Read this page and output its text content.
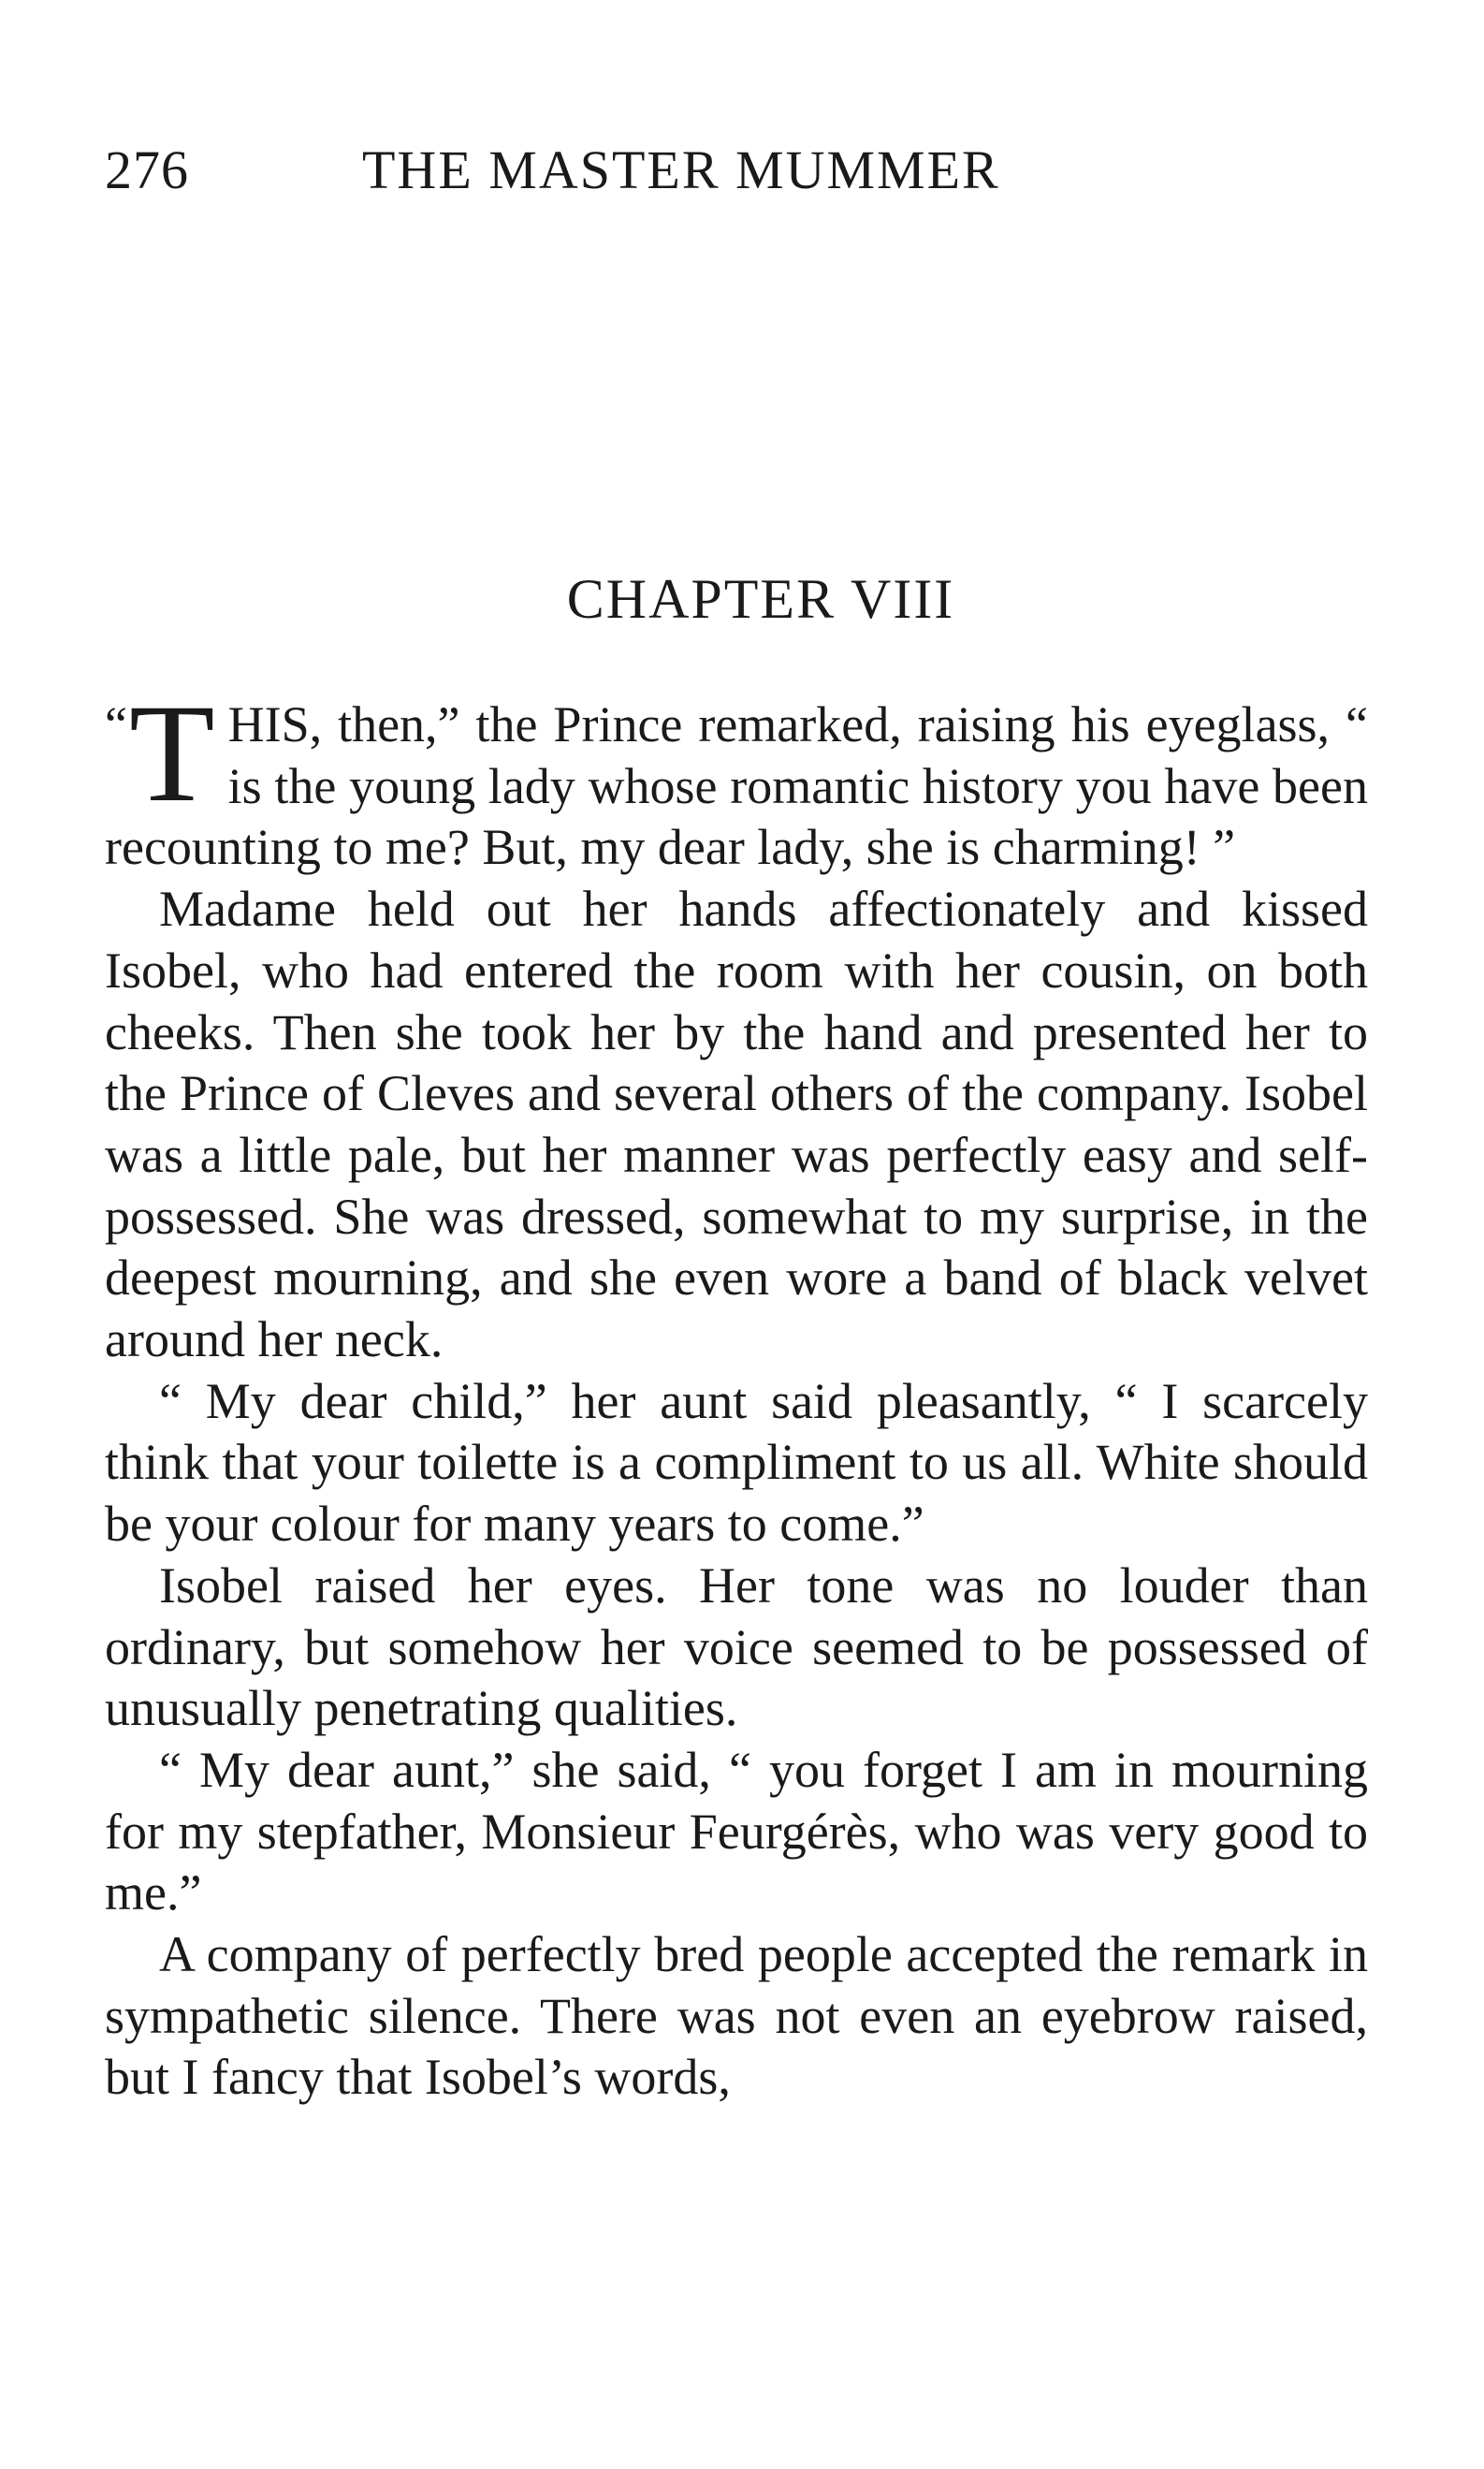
276	THE MASTER MUMMER
CHAPTER VIII

“ T HIS, then,” the Prince remarked, raising his eyeglass, “ is the young lady whose romantic history you have been recounting to me? But, my dear lady, she is charming! ”

Madame held out her hands affectionately and kissed Isobel, who had entered the room with her cousin, on both cheeks. Then she took her by the hand and presented her to the Prince of Cleves and several others of the company. Isobel was a little pale, but her manner was perfectly easy and self-possessed. She was dressed, somewhat to my surprise, in the deepest mourning, and she even wore a band of black velvet around her neck.

“ My dear child,” her aunt said pleasantly, “ I scarcely think that your toilette is a compliment to us all. White should be your colour for many years to come.”

Isobel raised her eyes. Her tone was no louder than ordinary, but somehow her voice seemed to be possessed of unusually penetrating qualities.

“ My dear aunt,” she said, “ you forget I am in mourning for my stepfather, Monsieur Feurgérès, who was very good to me.”

A company of perfectly bred people accepted the remark in sympathetic silence. There was not even an eyebrow raised, but I fancy that Isobel’s words,
